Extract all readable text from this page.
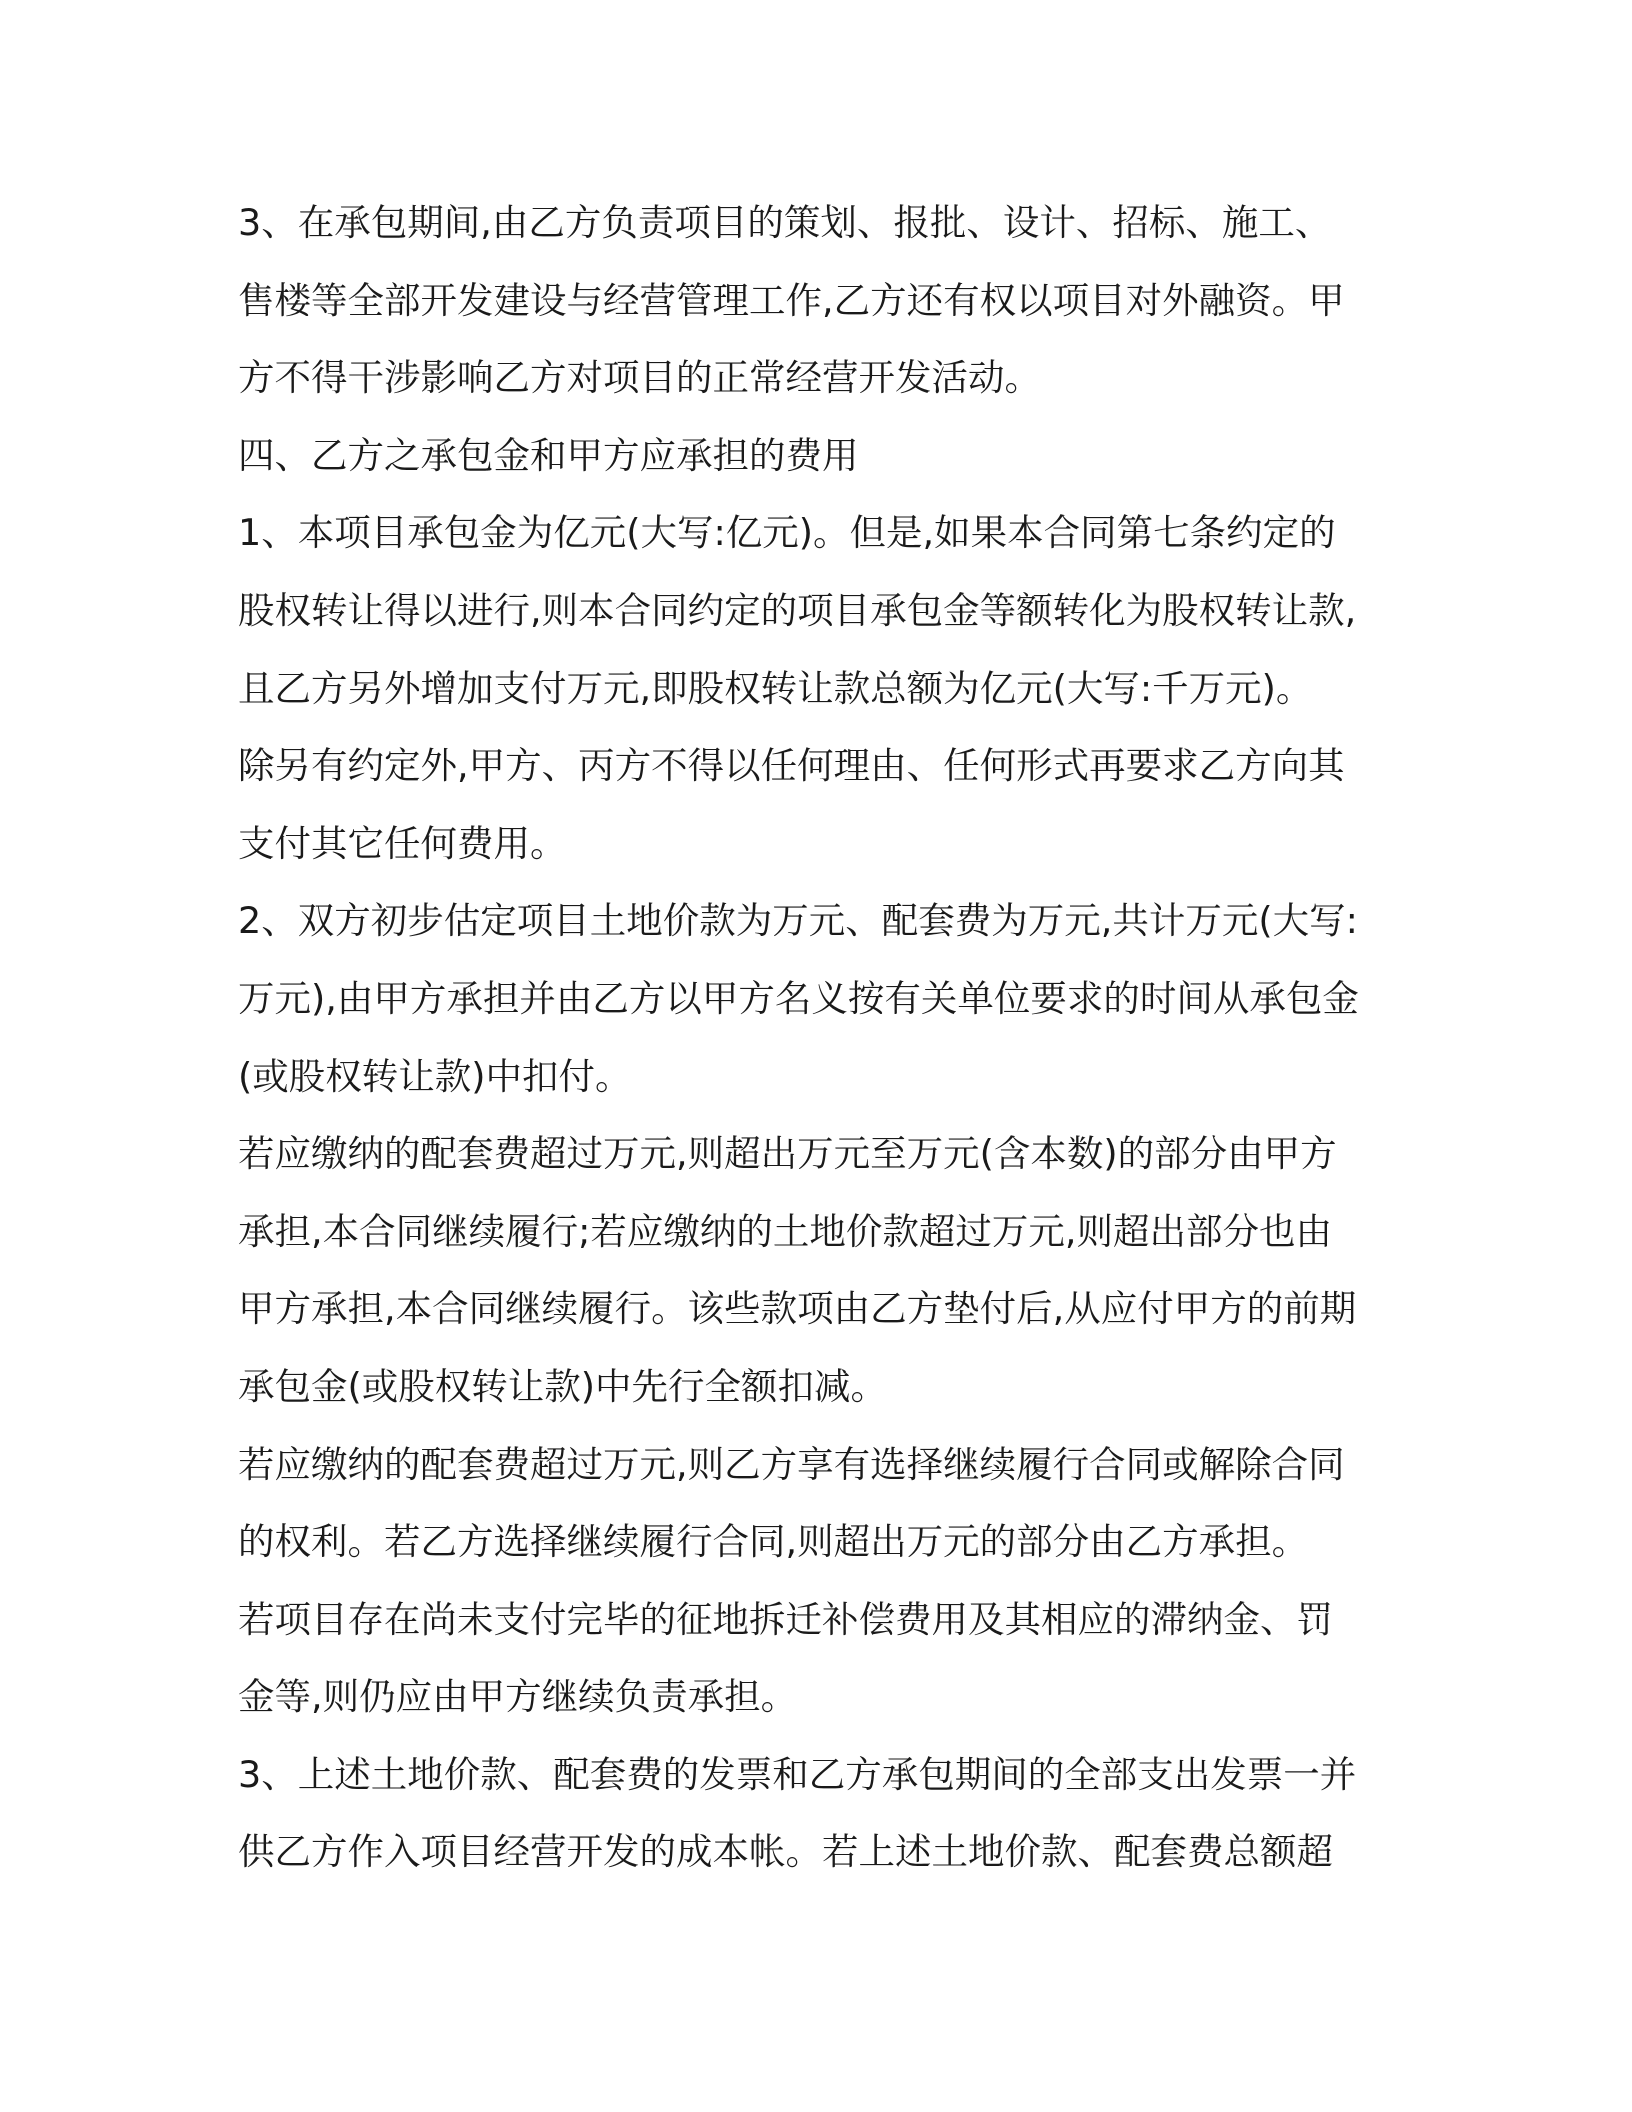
3、在承包期间,由乙方负责项目的策划、报批、设计、招标、施工、
售楼等全部开发建设与经营管理工作,乙方还有权以项目对外融资。甲
方不得干涉影响乙方对项目的正常经营开发活动。
四、乙方之承包金和甲方应承担的费用
1、本项目承包金为亿元(大写:亿元)。但是,如果本合同第七条约定的
股权转让得以进行,则本合同约定的项目承包金等额转化为股权转让款,
且乙方另外增加支付万元,即股权转让款总额为亿元(大写:千万元)。
除另有约定外,甲方、丙方不得以任何理由、任何形式再要求乙方向其
支付其它任何费用。
2、双方初步估定项目土地价款为万元、配套费为万元,共计万元(大写:
万元),由甲方承担并由乙方以甲方名义按有关单位要求的时间从承包金
(或股权转让款)中扣付。
若应缴纳的配套费超过万元,则超出万元至万元(含本数)的部分由甲方
承担,本合同继续履行;若应缴纳的土地价款超过万元,则超出部分也由
甲方承担,本合同继续履行。该些款项由乙方垫付后,从应付甲方的前期
承包金(或股权转让款)中先行全额扣减。
若应缴纳的配套费超过万元,则乙方享有选择继续履行合同或解除合同
的权利。若乙方选择继续履行合同,则超出万元的部分由乙方承担。
若项目存在尚未支付完毕的征地拆迁补偿费用及其相应的滞纳金、罚
金等,则仍应由甲方继续负责承担。
3、上述土地价款、配套费的发票和乙方承包期间的全部支出发票一并
供乙方作入项目经营开发的成本帐。若上述土地价款、配套费总额超
